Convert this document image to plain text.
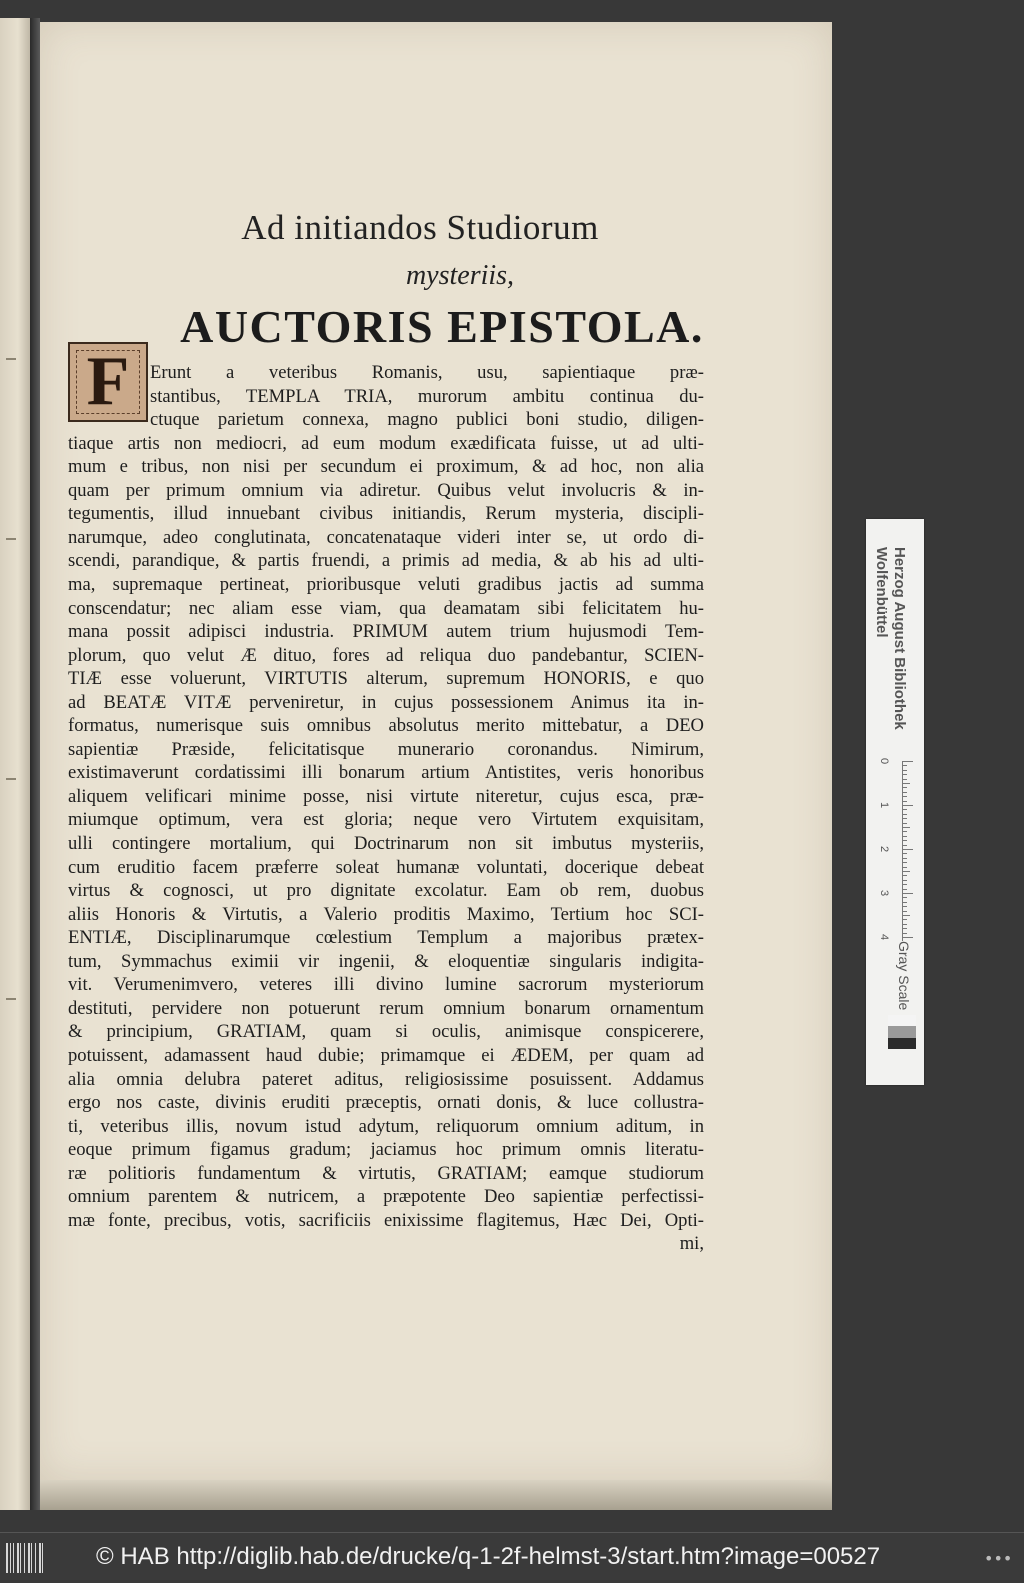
Ad initiandos Studiorum
mysteriis,
AUCTORIS EPISTOLA.
F	Erunt a veteribus Romanis, usu, sapientiaque præ-
stantibus, TEMPLA TRIA, murorum ambitu continua du-
ctuque parietum connexa, magno publici boni studio, diligen-
tiaque artis non mediocri, ad eum modum exædificata fuisse, ut ad ulti-
mum e tribus, non nisi per secundum ei proximum, & ad hoc, non alia
quam per primum omnium via adiretur. Quibus velut involucris & in-
tegumentis, illud innuebant civibus initiandis, Rerum mysteria, discipli-
narumque, adeo conglutinata, concatenataque videri inter se, ut ordo di-
scendi, parandique, & partis fruendi, a primis ad media, & ab his ad ulti-
ma, supremaque pertineat, prioribusque veluti gradibus jactis ad summa
conscendatur; nec aliam esse viam, qua deamatam sibi felicitatem hu-
mana possit adipisci industria. PRIMUM autem trium hujusmodi Tem-
plorum, quo velut Æ dituo, fores ad reliqua duo pandebantur, SCIEN-
TIÆ esse voluerunt, VIRTUTIS alterum, supremum HONORIS, e quo
ad BEATÆ VITÆ perveniretur, in cujus possessionem Animus ita in-
formatus, numerisque suis omnibus absolutus merito mittebatur, a DEO
sapientiæ Præside, felicitatisque munerario coronandus. Nimirum,
existimaverunt cordatissimi illi bonarum artium Antistites, veris honoribus
aliquem velificari minime posse, nisi virtute niteretur, cujus esca, præ-
miumque optimum, vera est gloria; neque vero Virtutem exquisitam,
ulli contingere mortalium, qui Doctrinarum non sit imbutus mysteriis,
cum eruditio facem præferre soleat humanæ voluntati, docerique debeat
virtus & cognosci, ut pro dignitate excolatur. Eam ob rem, duobus
aliis Honoris & Virtutis, a Valerio proditis Maximo, Tertium hoc SCI-
ENTIÆ, Disciplinarumque cœlestium Templum a majoribus prætex-
tum, Symmachus eximii vir ingenii, & eloquentiæ singularis indigita-
vit. Verumenimvero, veteres illi divino lumine sacrorum mysteriorum
destituti, pervidere non potuerunt rerum omnium bonarum ornamentum
& principium, GRATIAM, quam si oculis, animisque conspicerere,
potuissent, adamassent haud dubie; primamque ei ÆDEM, per quam ad
alia omnia delubra pateret aditus, religiosissime posuissent. Addamus
ergo nos caste, divinis eruditi præceptis, ornati donis, & luce collustra-
ti, veteribus illis, novum istud adytum, reliquorum omnium aditum, in
eoque primum figamus gradum; jaciamus hoc primum omnis literatu-
ræ politioris fundamentum & virtutis, GRATIAM; eamque studiorum
omnium parentem & nutricem, a præpotente Deo sapientiæ perfectissi-
mæ fonte, precibus, votis, sacrificiis enixissime flagitemus, Hæc Dei, Opti-
mi,
Herzog August Bibliothek
Wolfenbüttel
0
1
2
3
4
Gray Scale
© HAB http://diglib.hab.de/drucke/q-1-2f-helmst-3/start.htm?image=00527	•••
